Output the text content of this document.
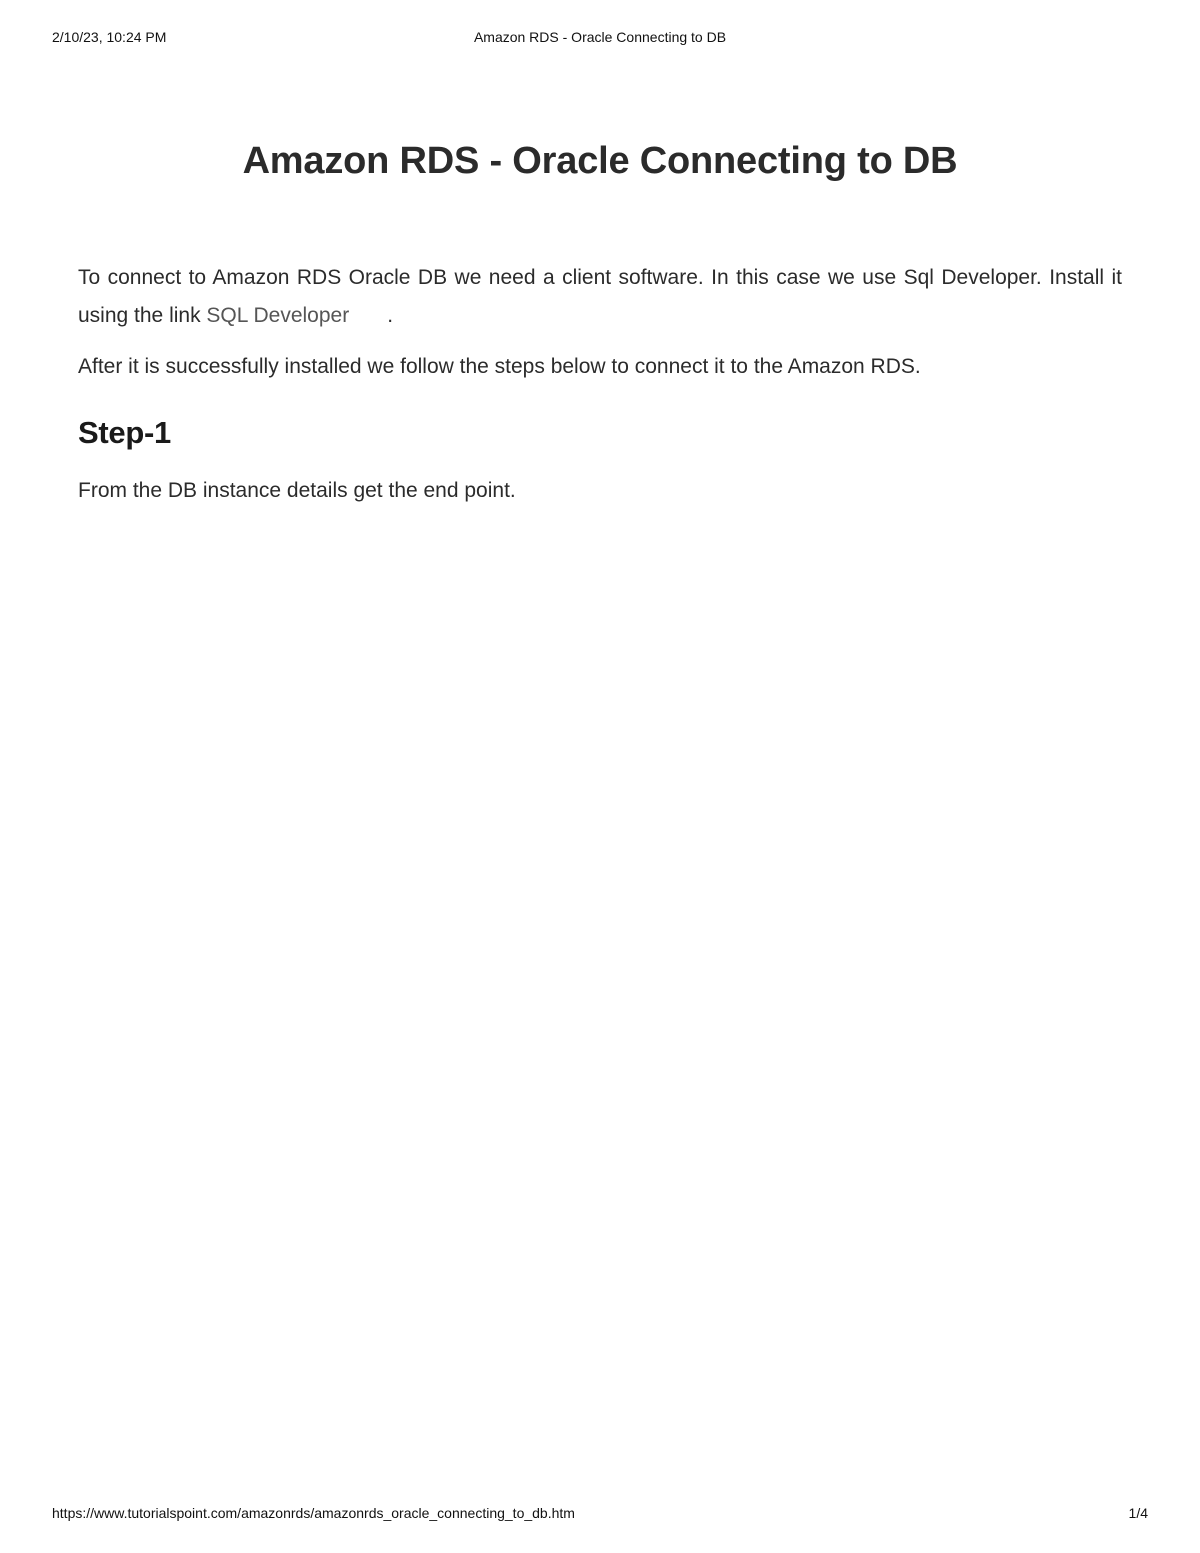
2/10/23, 10:24 PM	Amazon RDS - Oracle Connecting to DB
Amazon RDS - Oracle Connecting to DB

To connect to Amazon RDS Oracle DB we need a client software. In this case we use Sql Developer. Install it using the link SQL Developer .

After it is successfully installed we follow the steps below to connect it to the Amazon RDS.

Step-1

From the DB instance details get the end point.

https://www.tutorialspoint.com/amazonrds/amazonrds_oracle_connecting_to_db.htm	1/4
